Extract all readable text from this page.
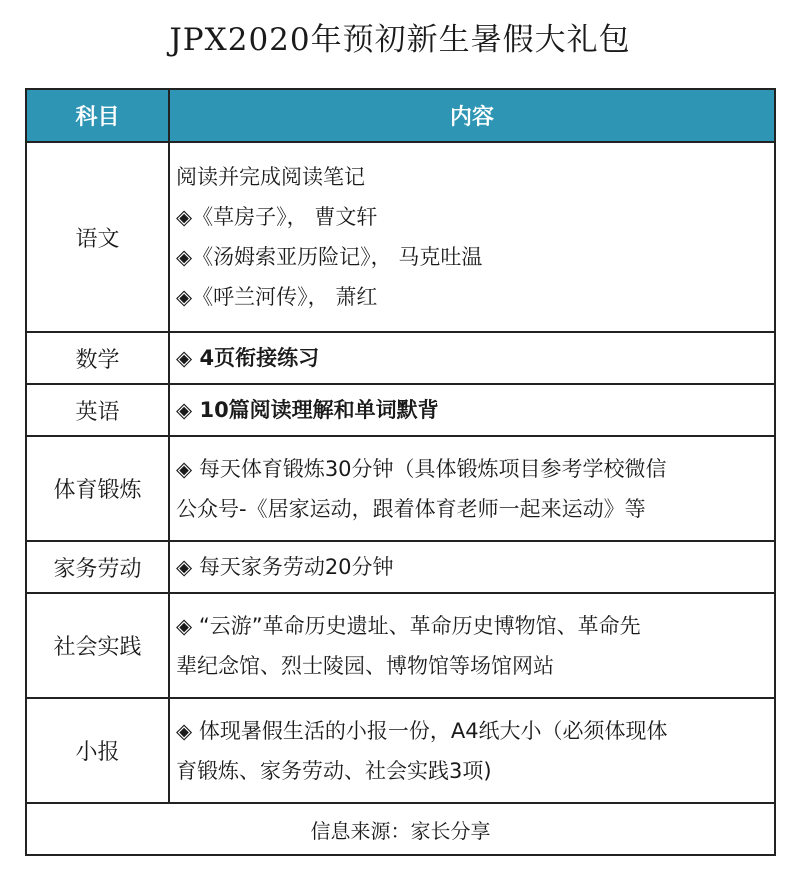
JPX2020年预初新生暑假大礼包
科目	内容
语文	阅读并完成阅读笔记
◈《草房子》， 曹文轩
◈《汤姆索亚历险记》， 马克吐温
◈《呼兰河传》， 萧红

数学	◈ 4页衔接练习

英语	◈ 10篇阅读理解和单词默背

体育锻炼	◈ 每天体育锻炼30分钟（具体锻炼项目参考学校微信
公众号-《居家运动，跟着体育老师一起来运动》等

家务劳动	◈ 每天家务劳动20分钟

社会实践	◈ “云游”革命历史遗址、革命历史博物馆、革命先
辈纪念馆、烈士陵园、博物馆等场馆网站

小报	◈ 体现暑假生活的小报一份，A4纸大小（必须体现体
育锻炼、家务劳动、社会实践3项)

信息来源：家长分享	
